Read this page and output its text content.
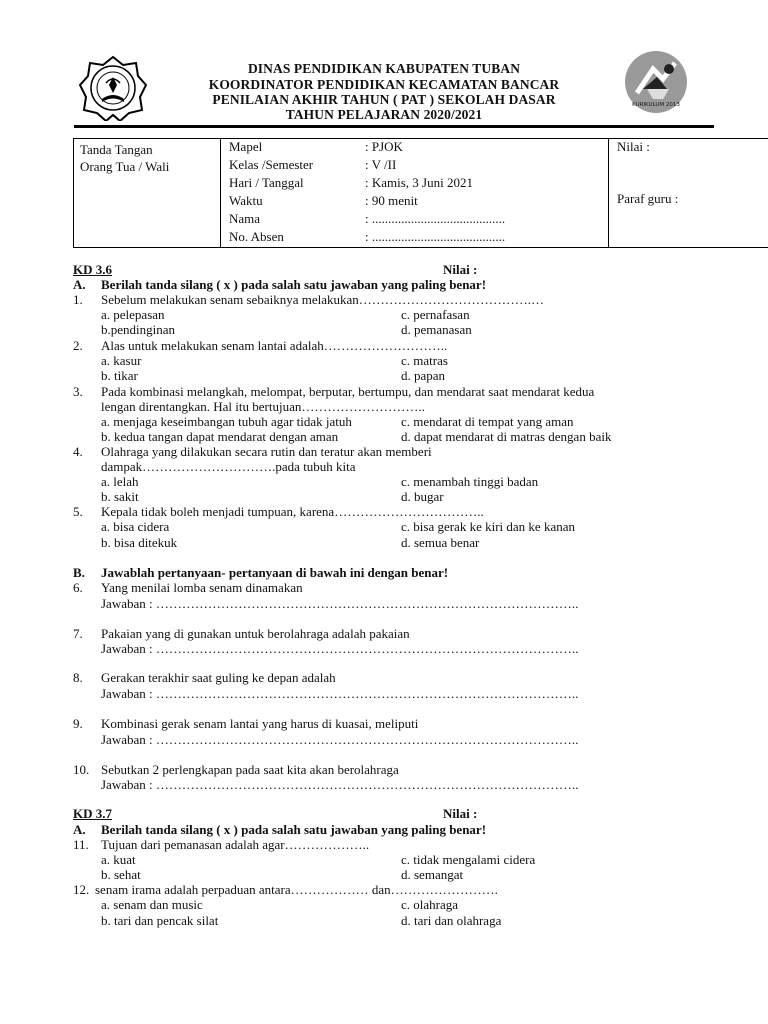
KURIKULUM 2013
DINAS PENDIDIKAN KABUPATEN TUBAN
KOORDINATOR PENDIDIKAN KECAMATAN BANCAR
PENILAIAN AKHIR TAHUN ( PAT ) SEKOLAH DASAR
TAHUN PELAJARAN 2020/2021
Tanda Tangan
Orang Tua / Wali

Mapel	: PJOK
Kelas /Semester	: V /II
Hari / Tanggal	: Kamis, 3 Juni 2021
Waktu	: 90 menit
Nama	: .........................................
No. Absen	: .........................................

Nilai :
Paraf guru :
KD 3.6	Nilai :
A. Berilah tanda silang ( x ) pada salah satu jawaban yang paling benar!
1. Sebelum melakukan senam sebaiknya melakukan………………………………….…
a. pelepasan	c. pernafasan
b.pendinginan	d. pemanasan
2. Alas untuk melakukan senam lantai adalah………………………..
a. kasur	c. matras
b. tikar	d. papan
3. Pada kombinasi melangkah, melompat, berputar, bertumpu, dan mendarat saat mendarat kedua
lengan direntangkan. Hal itu bertujuan………………………..
a. menjaga keseimbangan tubuh agar tidak jatuh	c. mendarat di tempat yang aman
b. kedua tangan dapat mendarat dengan aman	d. dapat mendarat di matras dengan baik
4. Olahraga yang dilakukan secara rutin dan teratur akan memberi
dampak………………………….pada tubuh kita
a. lelah	c. menambah tinggi badan
b. sakit	d. bugar
5. Kepala tidak boleh menjadi tumpuan, karena……………………………..
a. bisa cidera	c. bisa gerak ke kiri dan ke kanan
b. bisa ditekuk	d. semua benar
B. Jawablah pertanyaan- pertanyaan di bawah ini dengan benar!
6. Yang menilai lomba senam dinamakan
Jawaban : ……………………………………………………………………………………..
7. Pakaian yang di gunakan untuk berolahraga adalah pakaian
Jawaban : ……………………………………………………………………………………..
8. Gerakan terakhir saat guling ke depan adalah
Jawaban : ……………………………………………………………………………………..
9. Kombinasi gerak senam lantai yang harus di kuasai, meliputi
Jawaban : ……………………………………………………………………………………..
10. Sebutkan 2 perlengkapan pada saat kita akan berolahraga
Jawaban : ……………………………………………………………………………………..
KD 3.7	Nilai :
A. Berilah tanda silang ( x ) pada salah satu jawaban yang paling benar!
11. Tujuan dari pemanasan adalah agar………………..
a. kuat	c. tidak mengalami cidera
b. sehat	d. semangat
12. senam irama adalah perpaduan antara……………… dan…………………….
a. senam dan music	c. olahraga
b. tari dan pencak silat	d. tari dan olahraga
